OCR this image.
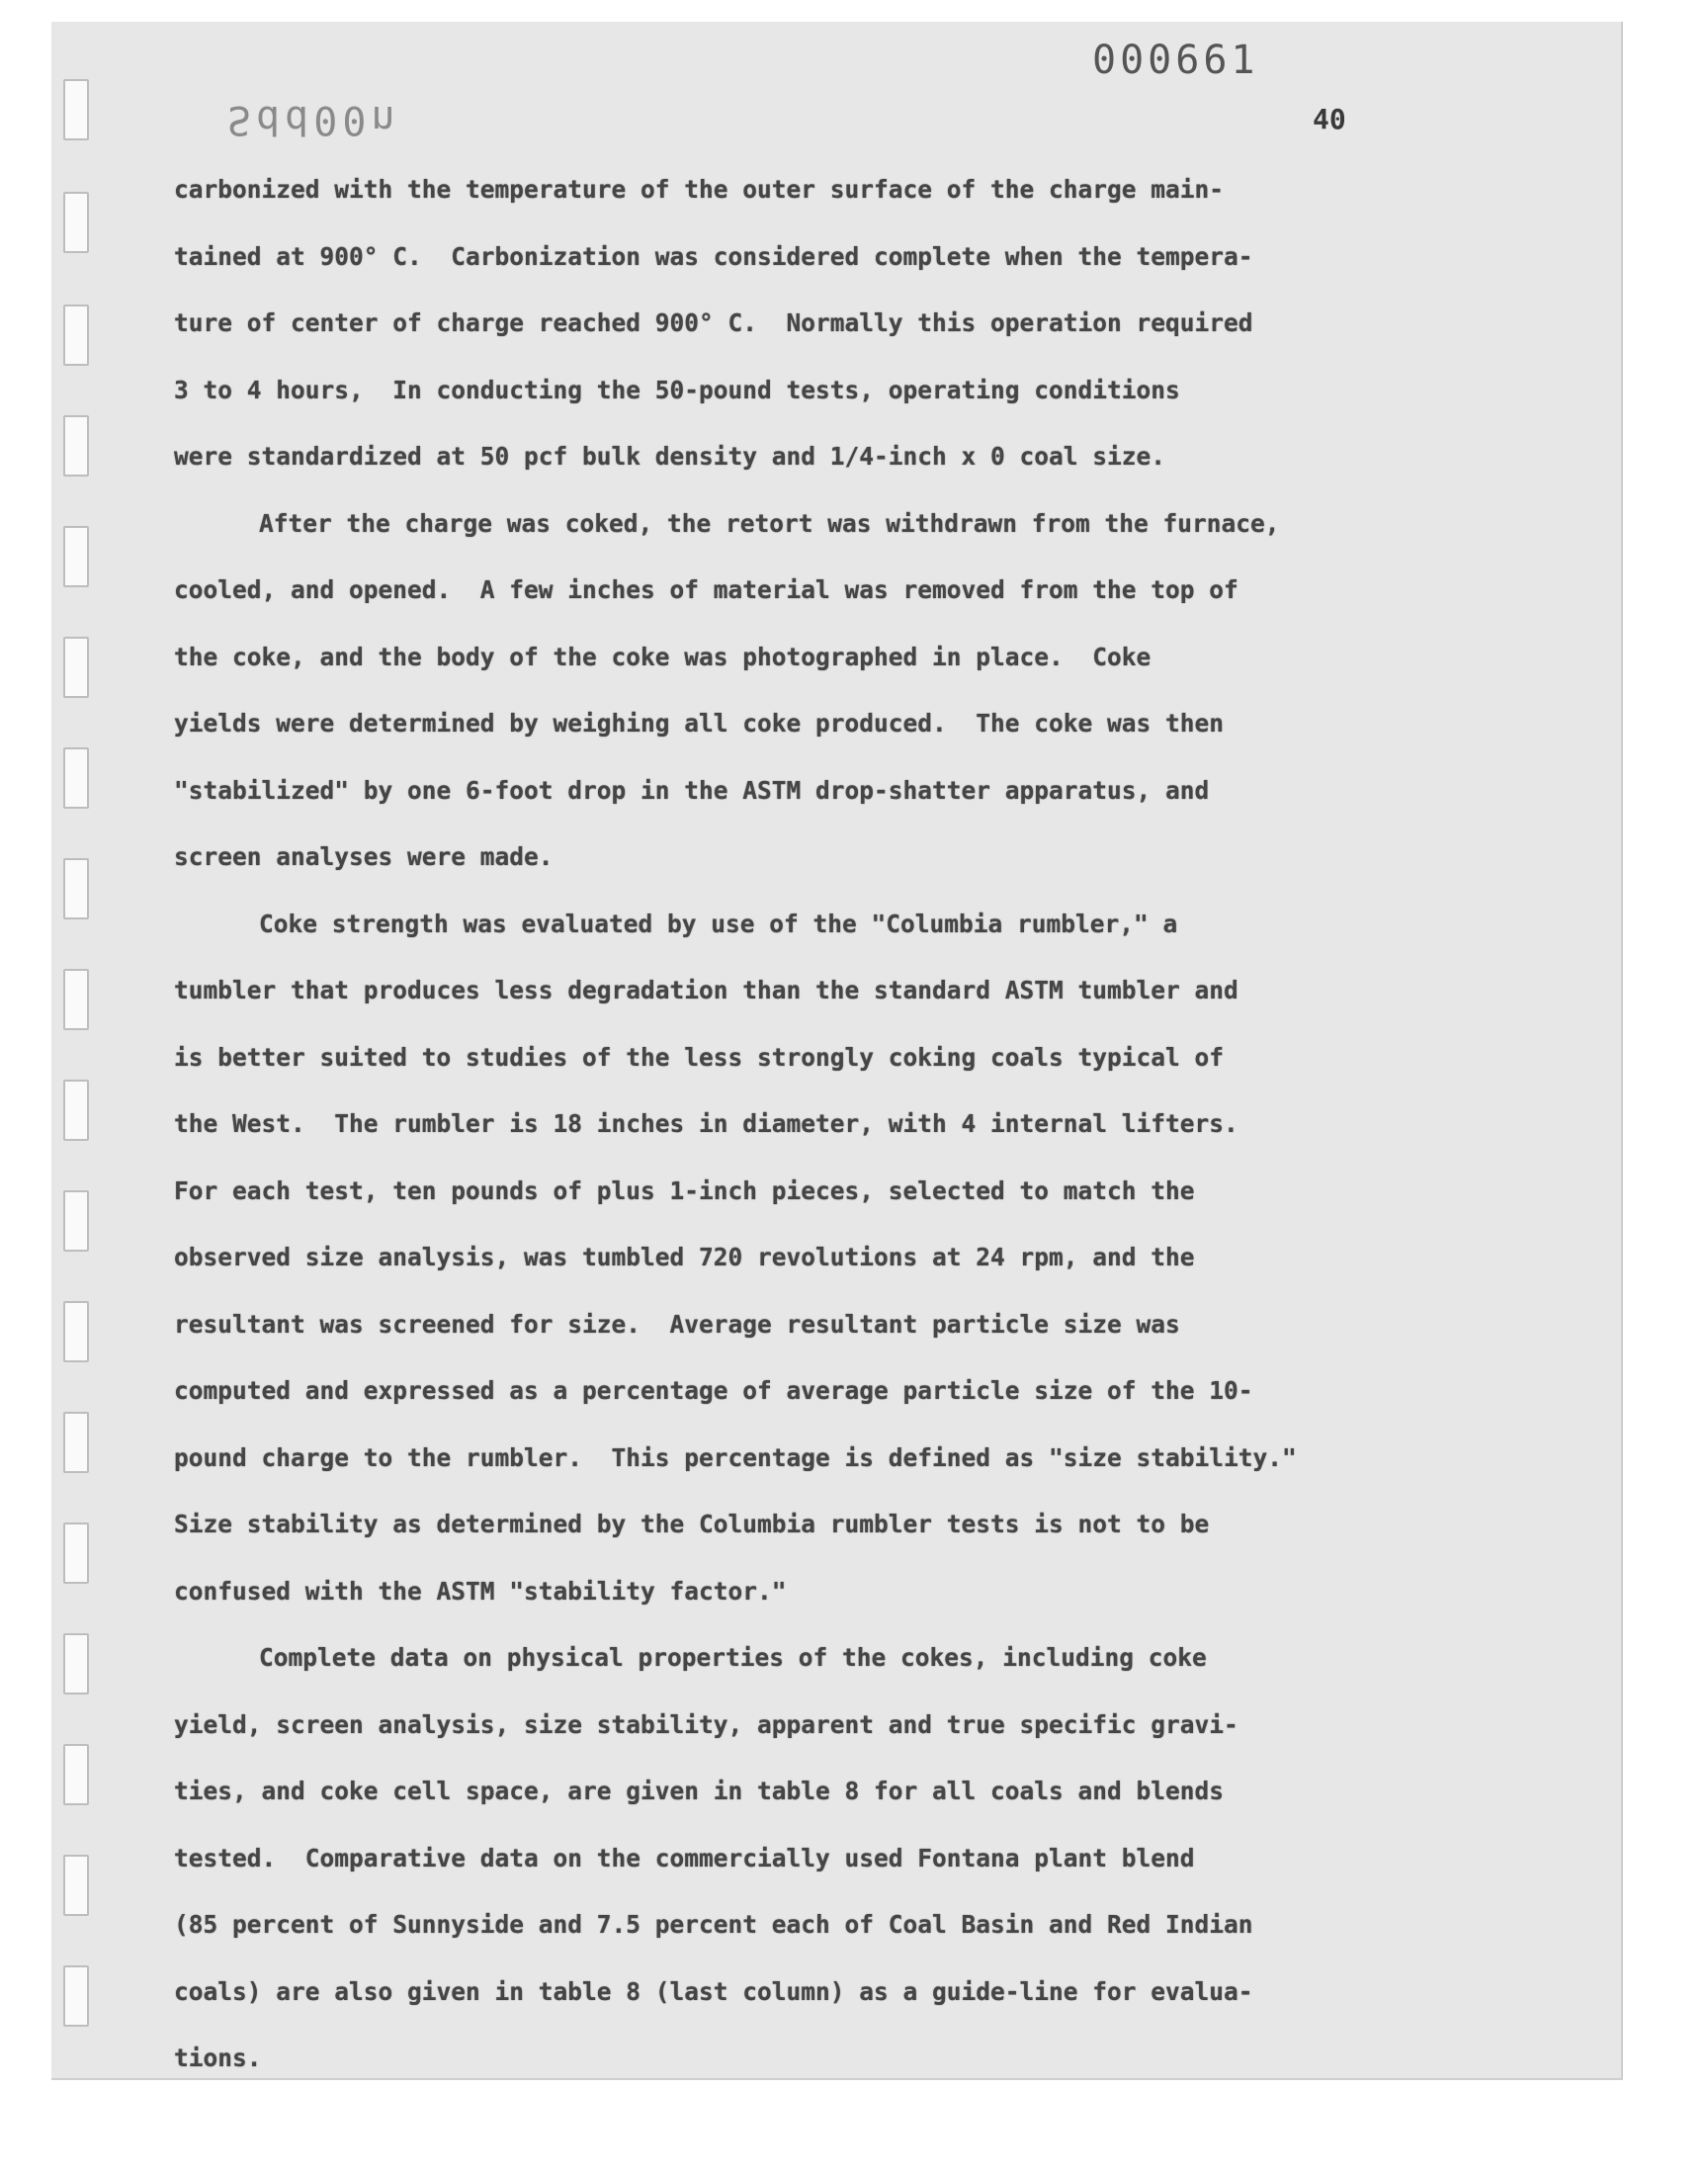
000661
Sdd00n	40
carbonized with the temperature of the outer surface of the charge main-
tained at 900° C.  Carbonization was considered complete when the tempera-
ture of center of charge reached 900° C.  Normally this operation required
3 to 4 hours,  In conducting the 50-pound tests, operating conditions
were standardized at 50 pcf bulk density and 1/4-inch x 0 coal size.
After the charge was coked, the retort was withdrawn from the furnace,
cooled, and opened.  A few inches of material was removed from the top of
the coke, and the body of the coke was photographed in place.  Coke
yields were determined by weighing all coke produced.  The coke was then
"stabilized" by one 6-foot drop in the ASTM drop-shatter apparatus, and
screen analyses were made.
Coke strength was evaluated by use of the "Columbia rumbler," a
tumbler that produces less degradation than the standard ASTM tumbler and
is better suited to studies of the less strongly coking coals typical of
the West.  The rumbler is 18 inches in diameter, with 4 internal lifters.
For each test, ten pounds of plus 1-inch pieces, selected to match the
observed size analysis, was tumbled 720 revolutions at 24 rpm, and the
resultant was screened for size.  Average resultant particle size was
computed and expressed as a percentage of average particle size of the 10-
pound charge to the rumbler.  This percentage is defined as "size stability."
Size stability as determined by the Columbia rumbler tests is not to be
confused with the ASTM "stability factor."
Complete data on physical properties of the cokes, including coke
yield, screen analysis, size stability, apparent and true specific gravi-
ties, and coke cell space, are given in table 8 for all coals and blends
tested.  Comparative data on the commercially used Fontana plant blend
(85 percent of Sunnyside and 7.5 percent each of Coal Basin and Red Indian
coals) are also given in table 8 (last column) as a guide-line for evalua-
tions.
